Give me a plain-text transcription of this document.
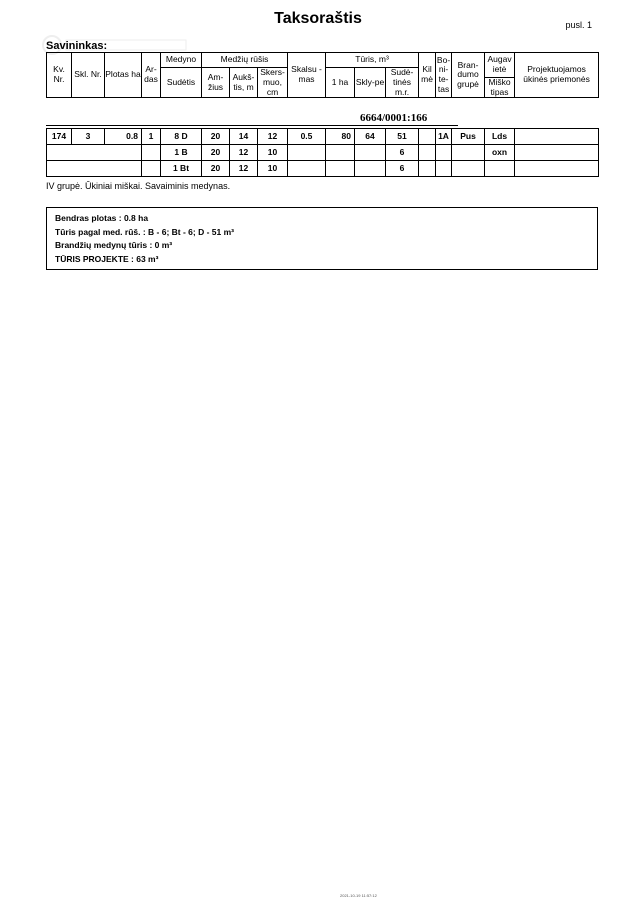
Taksoraštis	pusl. 1
Savininkas:
Kv. Nr.	Skl. Nr.	Plotas ha	Ar-das	Medyno	Medžių rūšis			Skalsu - mas	Tūris, m³			Kil mė	Bo-ni-te-tas	Bran-dumo grupė	Augav ietė	Projektuojamos ūkinės priemonės
				Sudėtis	Am-žius	Aukš-tis, m	Skers-muo, cm		1 ha	Skly-pe	Sudė-tinės m.r.					
															Miško tipas	
6664/0001:166
174	3	0.8	1	8 D	20	14	12	0.5	80	64	51		1A	Pus	Lds	
				1 B	20	12	10				6				oxn	
				1 Bt	20	12	10				6					
IV grupė. Ūkiniai miškai. Savaiminis medynas.
Bendras plotas : 0.8 ha
Tūris pagal med. rūš. : B - 6; Bt - 6; D - 51 m³
Brandžių medynų tūris : 0 m³
TŪRIS PROJEKTE : 63 m³
2021-10-19 11:57:12
